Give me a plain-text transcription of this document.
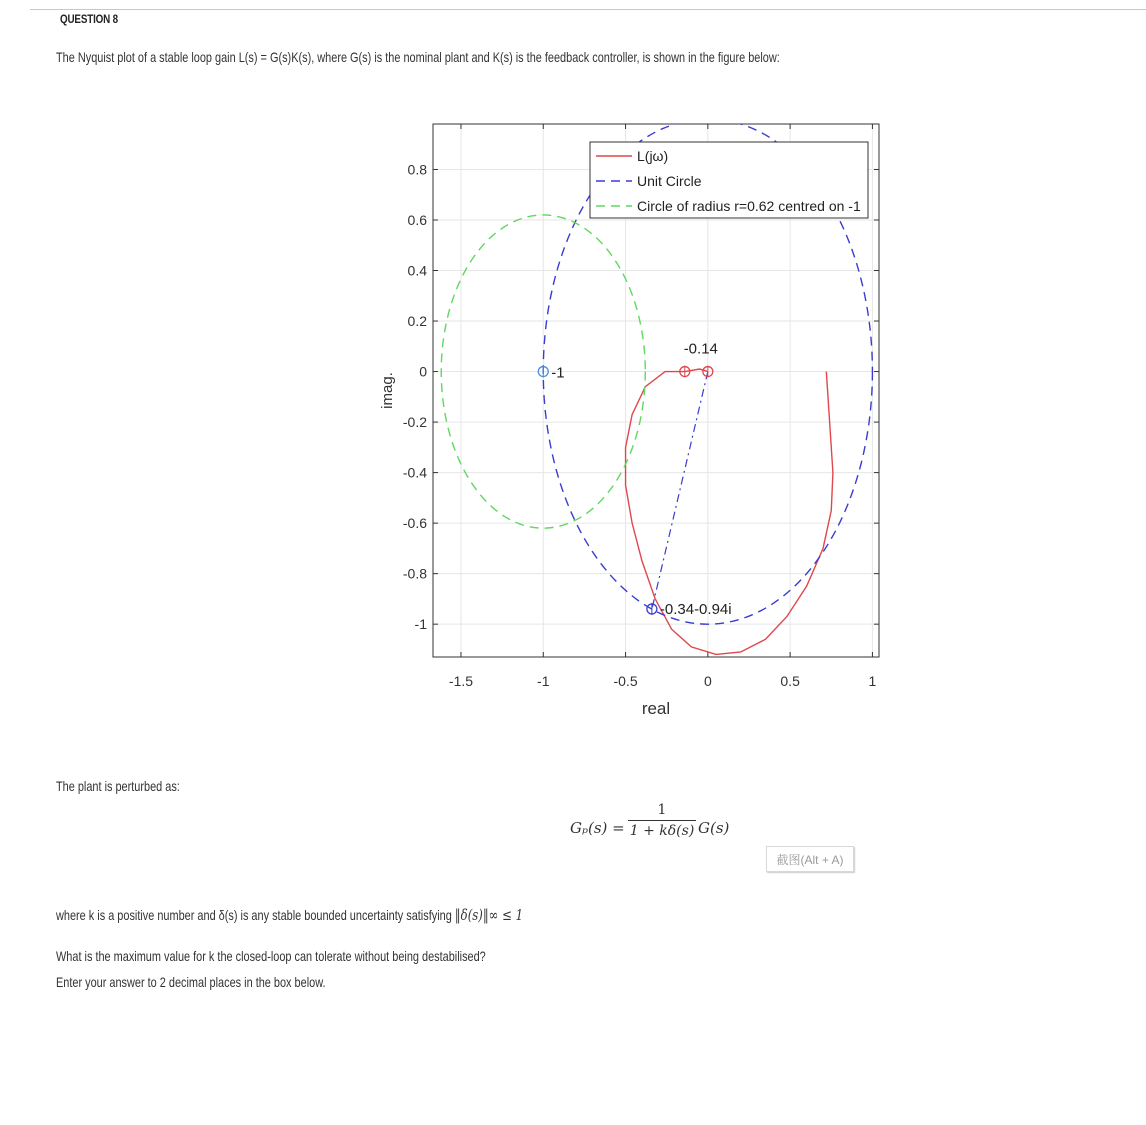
QUESTION 8
The Nyquist plot of a stable loop gain L(s) = G(s)K(s), where G(s) is the nominal plant and K(s) is the feedback controller, is shown in the figure below:
-1.5	-1	-0.5	0	0.5	1
0.8
0.6
0.4
0.2
0
-0.2
-0.4
-0.6
-0.8
-1
real
imag.	-1
-0.14
-0.34-0.94i
L(jω)
Unit Circle
Circle of radius r=0.62 centred on -1
The plant is perturbed as:
Gₚ(s) =
1
1 + kδ(s) G(s)
截图(Alt + A)
where k is a positive number and δ(s) is any stable bounded uncertainty satisfying ‖δ(s)‖∞ ≤ 1
What is the maximum value for k the closed-loop can tolerate without being destabilised?
Enter your answer to 2 decimal places in the box below.
